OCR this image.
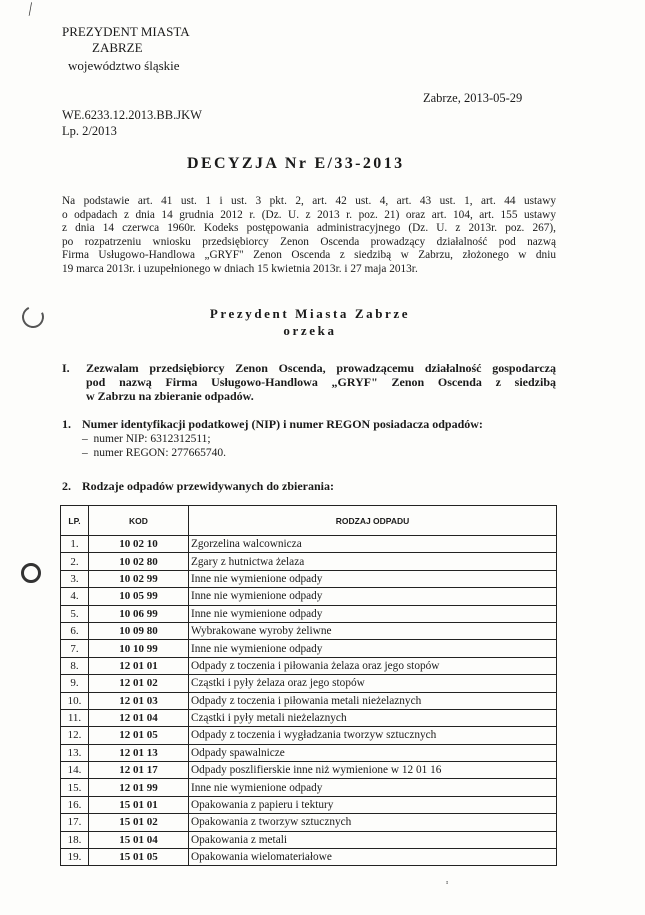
⟋
PREZYDENT MIASTA
ZABRZE
województwo śląskie
Zabrze, 2013-05-29
WE.6233.12.2013.BB.JKW
Lp. 2/2013
DECYZJA Nr E/33-2013
Na podstawie art. 41 ust. 1 i ust. 3 pkt. 2, art. 42 ust. 4, art. 43 ust. 1, art. 44 ustawy
o odpadach z dnia 14 grudnia 2012 r. (Dz. U. z 2013 r. poz. 21) oraz art. 104, art. 155 ustawy
z dnia 14 czerwca 1960r. Kodeks postępowania administracyjnego (Dz. U. z 2013r. poz. 267),
po rozpatrzeniu wniosku przedsiębiorcy Zenon Oscenda prowadzący działalność pod nazwą
Firma Usługowo-Handlowa „GRYF" Zenon Oscenda z siedzibą w Zabrzu, złożonego w dniu
19 marca 2013r. i uzupełnionego w dniach 15 kwietnia 2013r. i 27 maja 2013r.
Prezydent Miasta Zabrze
orzeka
I. Zezwalam przedsiębiorcy Zenon Oscenda, prowadzącemu działalność gospodarczą
pod nazwą Firma Usługowo-Handlowa „GRYF" Zenon Oscenda z siedzibą
w Zabrzu na zbieranie odpadów.
1. Numer identyfikacji podatkowej (NIP) i numer REGON posiadacza odpadów:
–  numer NIP: 6312312511;
–  numer REGON: 277665740.
2. Rodzaje odpadów przewidywanych do zbierania:
LP.	KOD	RODZAJ ODPADU
1.	10 02 10	Zgorzelina walcownicza
2.	10 02 80	Zgary z hutnictwa żelaza
3.	10 02 99	Inne nie wymienione odpady
4.	10 05 99	Inne nie wymienione odpady
5.	10 06 99	Inne nie wymienione odpady
6.	10 09 80	Wybrakowane wyroby żeliwne
7.	10 10 99	Inne nie wymienione odpady
8.	12 01 01	Odpady z toczenia i piłowania żelaza oraz jego stopów
9.	12 01 02	Cząstki i pyły żelaza oraz jego stopów
10.	12 01 03	Odpady z toczenia i piłowania metali nieżelaznych
11.	12 01 04	Cząstki i pyły metali nieżelaznych
12.	12 01 05	Odpady z toczenia i wygładzania tworzyw sztucznych
13.	12 01 13	Odpady spawalnicze
14.	12 01 17	Odpady poszlifierskie inne niż wymienione w 12 01 16
15.	12 01 99	Inne nie wymienione odpady
16.	15 01 01	Opakowania z papieru i tektury
17.	15 01 02	Opakowania z tworzyw sztucznych
18.	15 01 04	Opakowania z metali
19.	15 01 05	Opakowania wielomateriałowe
ᶦ
